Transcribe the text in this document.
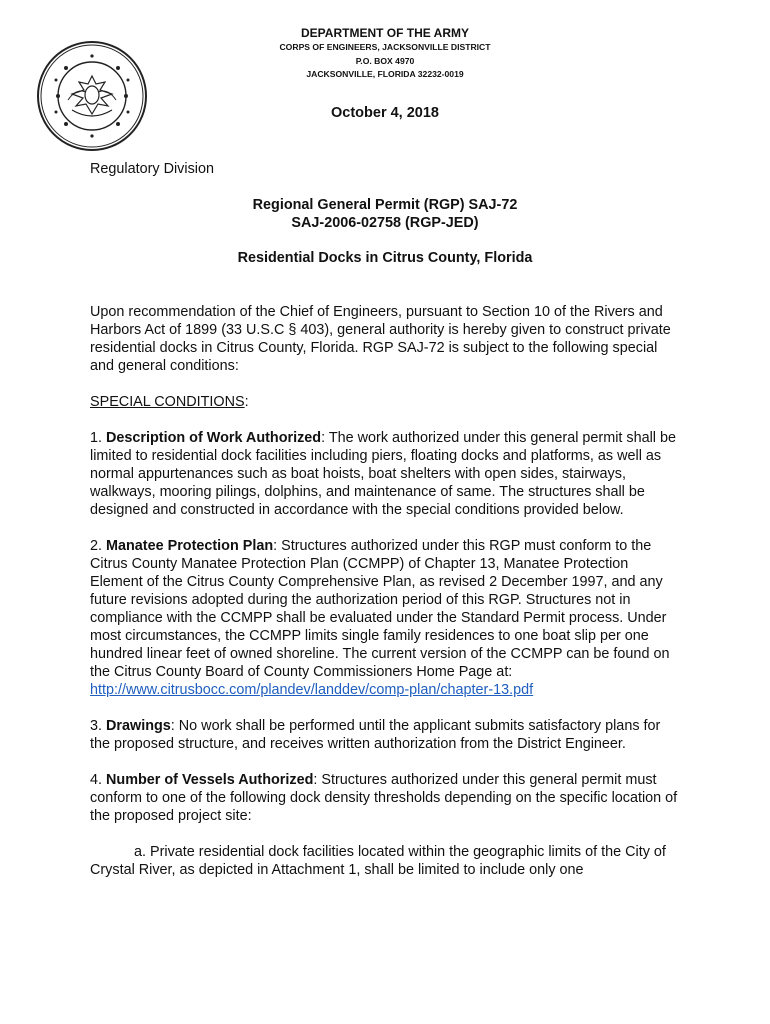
DEPARTMENT OF THE ARMY

CORPS OF ENGINEERS, JACKSONVILLE DISTRICT

P.O. BOX 4970

JACKSONVILLE, FLORIDA 32232-0019

October 4, 2018

Regulatory Division

Regional General Permit (RGP) SAJ-72

SAJ-2006-02758 (RGP-JED)

Residential Docks in Citrus County, Florida

Upon recommendation of the Chief of Engineers, pursuant to Section 10 of the Rivers and Harbors Act of 1899 (33 U.S.C § 403), general authority is hereby given to construct private residential docks in Citrus County, Florida. RGP SAJ-72 is subject to the following special and general conditions:

SPECIAL CONDITIONS:

1. Description of Work Authorized: The work authorized under this general permit shall be limited to residential dock facilities including piers, floating docks and platforms, as well as normal appurtenances such as boat hoists, boat shelters with open sides, stairways, walkways, mooring pilings, dolphins, and maintenance of same. The structures shall be designed and constructed in accordance with the special conditions provided below.

2. Manatee Protection Plan: Structures authorized under this RGP must conform to the Citrus County Manatee Protection Plan (CCMPP) of Chapter 13, Manatee Protection Element of the Citrus County Comprehensive Plan, as revised 2 December 1997, and any future revisions adopted during the authorization period of this RGP. Structures not in compliance with the CCMPP shall be evaluated under the Standard Permit process. Under most circumstances, the CCMPP limits single family residences to one boat slip per one hundred linear feet of owned shoreline. The current version of the CCMPP can be found on the Citrus County Board of County Commissioners Home Page at:
http://www.citrusbocc.com/plandev/landdev/comp-plan/chapter-13.pdf

3. Drawings: No work shall be performed until the applicant submits satisfactory plans for the proposed structure, and receives written authorization from the District Engineer.

4. Number of Vessels Authorized: Structures authorized under this general permit must conform to one of the following dock density thresholds depending on the specific location of the proposed project site:

a. Private residential dock facilities located within the geographic limits of the City of Crystal River, as depicted in Attachment 1, shall be limited to include only one
